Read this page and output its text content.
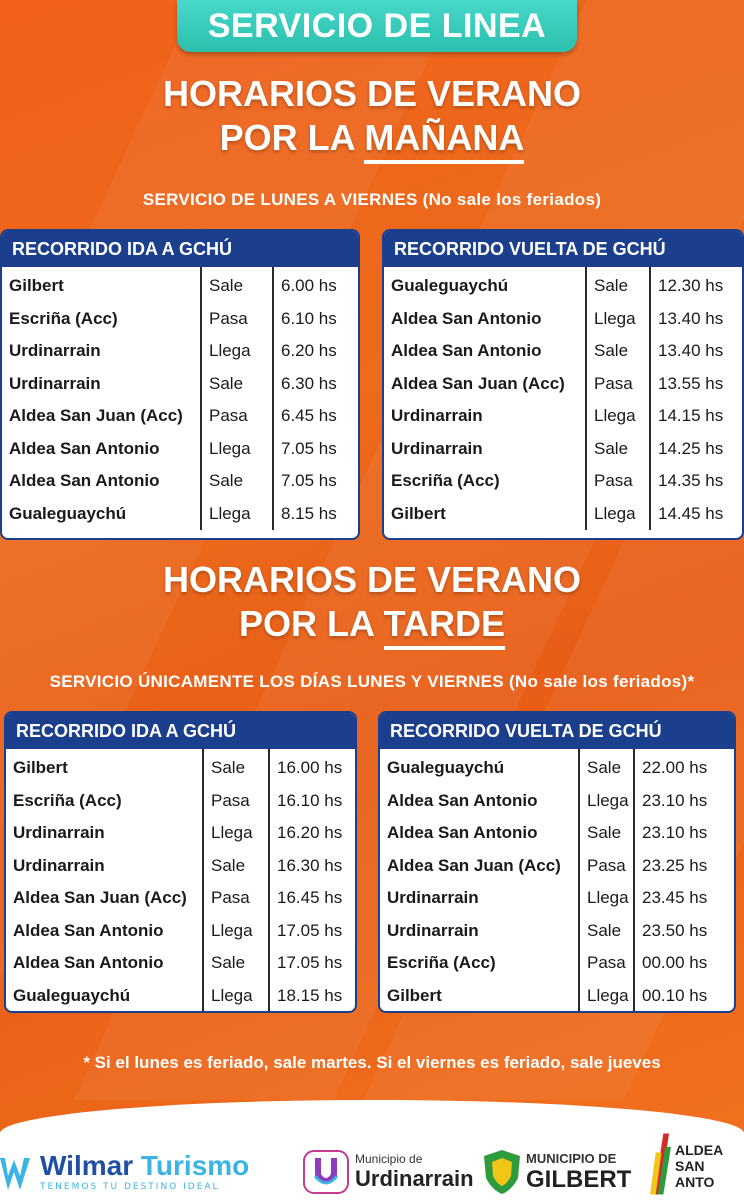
SERVICIO DE LINEA
HORARIOS DE VERANO
POR LA MAÑANA
SERVICIO DE LUNES A VIERNES (No sale los feriados)
RECORRIDO IDA A GCHÚ
Gilbert
Escriña (Acc)
Urdinarrain
Urdinarrain
Aldea San Juan (Acc)
Aldea San Antonio
Aldea San Antonio
Gualeguaychú
Sale
Pasa
Llega
Sale
Pasa
Llega
Sale
Llega
6.00 hs
6.10 hs
6.20 hs
6.30 hs
6.45 hs
7.05 hs
7.05 hs
8.15 hs
RECORRIDO VUELTA DE GCHÚ
Gualeguaychú
Aldea San Antonio
Aldea San Antonio
Aldea San Juan (Acc)
Urdinarrain
Urdinarrain
Escriña (Acc)
Gilbert
Sale
Llega
Sale
Pasa
Llega
Sale
Pasa
Llega
12.30 hs
13.40 hs
13.40 hs
13.55 hs
14.15 hs
14.25 hs
14.35 hs
14.45 hs
HORARIOS DE VERANO
POR LA TARDE
SERVICIO ÚNICAMENTE LOS DÍAS LUNES Y VIERNES (No sale los feriados)*
RECORRIDO IDA A GCHÚ
Gilbert
Escriña (Acc)
Urdinarrain
Urdinarrain
Aldea San Juan (Acc)
Aldea San Antonio
Aldea San Antonio
Gualeguaychú
Sale
Pasa
Llega
Sale
Pasa
Llega
Sale
Llega
16.00 hs
16.10 hs
16.20 hs
16.30 hs
16.45 hs
17.05 hs
17.05 hs
18.15 hs
RECORRIDO VUELTA DE GCHÚ
Gualeguaychú
Aldea San Antonio
Aldea San Antonio
Aldea San Juan (Acc)
Urdinarrain
Urdinarrain
Escriña (Acc)
Gilbert
Sale
Llega
Sale
Pasa
Llega
Sale
Pasa
Llega
22.00 hs
23.10 hs
23.10 hs
23.25 hs
23.45 hs
23.50 hs
00.00 hs
00.10 hs
* Si el lunes es feriado, sale martes. Si el viernes es feriado, sale jueves
Wilmar Turismo
TENEMOS TU DESTINO IDEAL
Municipio de
Urdinarrain
MUNICIPIO DE
GILBERT
ALDEA
SAN ANTO
